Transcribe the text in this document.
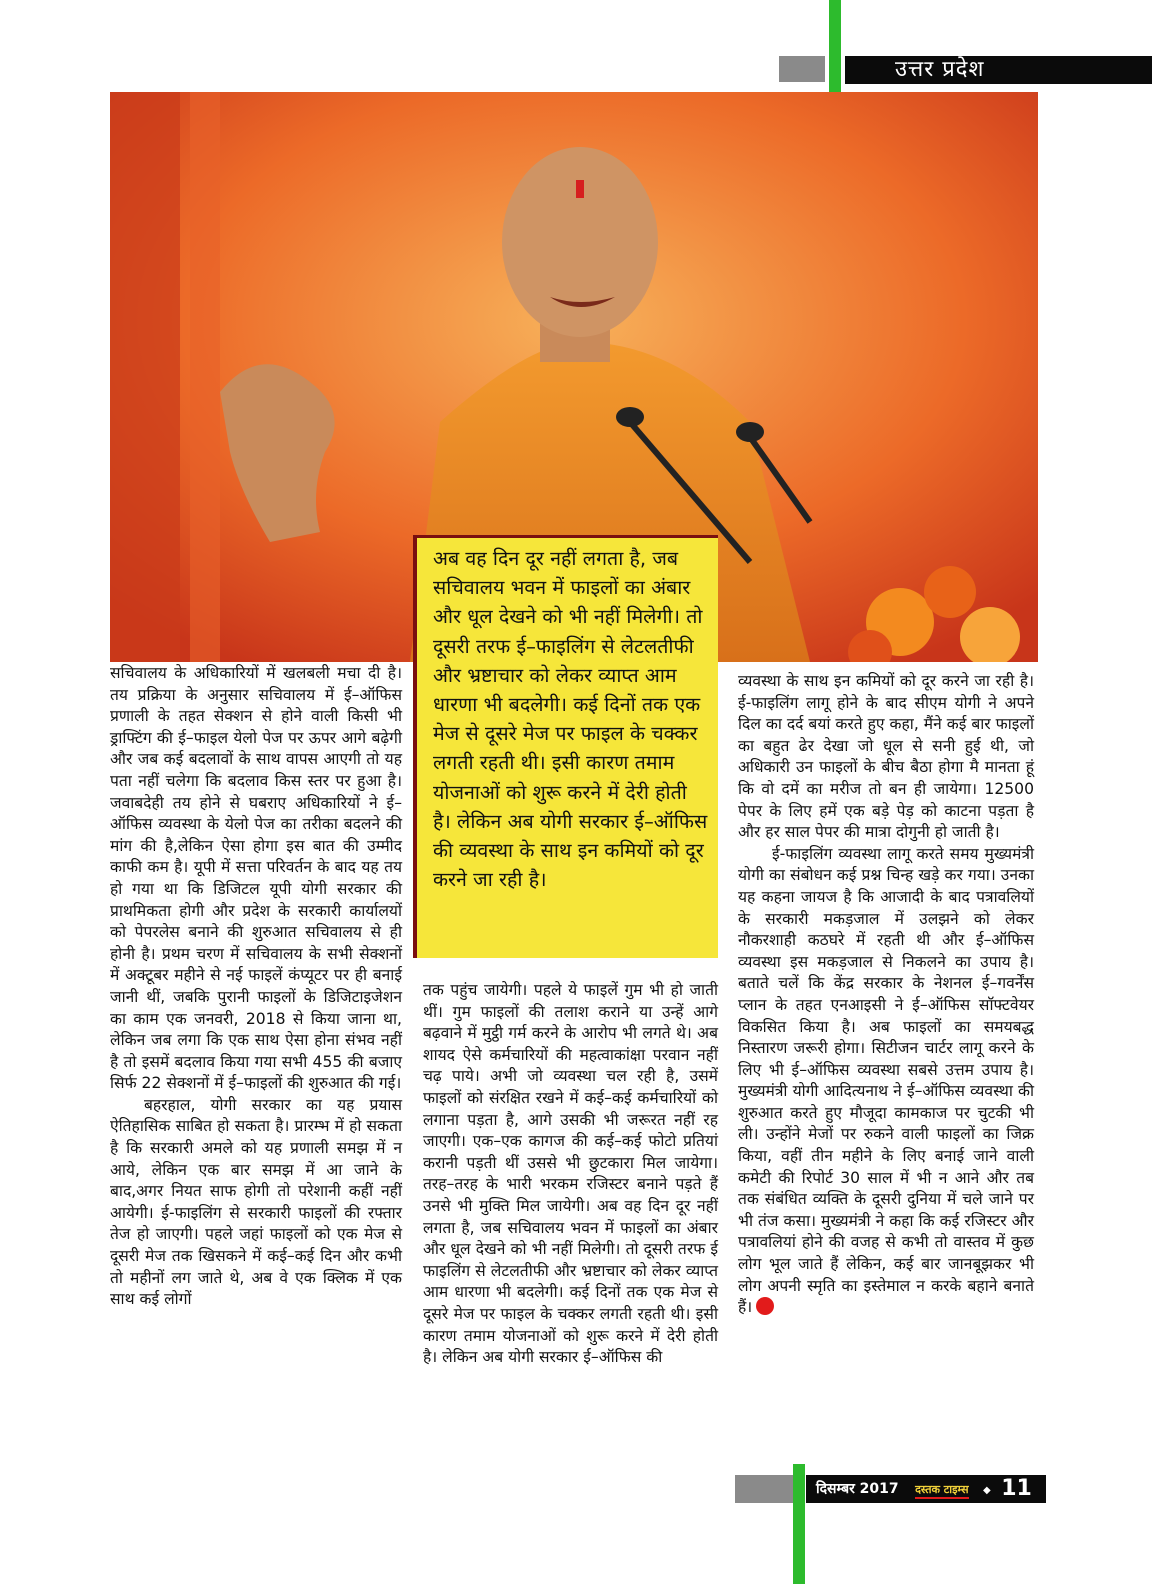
उत्तर प्रदेश

अब वह दिन दूर नहीं लगता है, जब सचिवालय भवन में फाइलों का अंबार और धूल देखने को भी नहीं मिलेगी। तो दूसरी तरफ ई–फाइलिंग से लेटलतीफी और भ्रष्टाचार को लेकर व्याप्त आम धारणा भी बदलेगी। कई दिनों तक एक मेज से दूसरे मेज पर फाइल के चक्कर लगती रहती थी। इसी कारण तमाम योजनाओं को शुरू करने में देरी होती है। लेकिन अब योगी सरकार ई–ऑफिस की व्यवस्था के साथ इन कमियों को दूर करने जा रही है।

सचिवालय के अधिकारियों में खलबली मचा दी है। तय प्रक्रिया के अनुसार सचिवालय में ई–ऑफिस प्रणाली के तहत सेक्शन से होने वाली किसी भी ड्राफ्टिंग की ई–फाइल येलो पेज पर ऊपर आगे बढ़ेगी और जब कई बदलावों के साथ वापस आएगी तो यह पता नहीं चलेगा कि बदलाव किस स्तर पर हुआ है। जवाबदेही तय होने से घबराए अधिकारियों ने ई–ऑफिस व्यवस्था के येलो पेज का तरीका बदलने की मांग की है,लेकिन ऐसा होगा इस बात की उम्मीद काफी कम है। यूपी में सत्ता परिवर्तन के बाद यह तय हो गया था कि डिजिटल यूपी योगी सरकार की प्राथमिकता होगी और प्रदेश के सरकारी कार्यालयों को पेपरलेस बनाने की शुरुआत सचिवालय से ही होनी है। प्रथम चरण में सचिवालय के सभी सेक्शनों में अक्टूबर महीने से नई फाइलें कंप्यूटर पर ही बनाई जानी थीं, जबकि पुरानी फाइलों के डिजिटाइजेशन का काम एक जनवरी, 2018 से किया जाना था, लेकिन जब लगा कि एक साथ ऐसा होना संभव नहीं है तो इसमें बदलाव किया गया सभी 455 की बजाए सिर्फ 22 सेक्शनों में ई–फाइलों की शुरुआत की गई।

बहरहाल, योगी सरकार का यह प्रयास ऐतिहासिक साबित हो सकता है। प्रारम्भ में हो सकता है कि सरकारी अमले को यह प्रणाली समझ में न आये, लेकिन एक बार समझ में आ जाने के बाद,अगर नियत साफ होगी तो परेशानी कहीं नहीं आयेगी। ई-फाइलिंग से सरकारी फाइलों की रफ्तार तेज हो जाएगी। पहले जहां फाइलों को एक मेज से दूसरी मेज तक खिसकने में कई–कई दिन और कभी तो महीनों लग जाते थे, अब वे एक क्लिक में एक साथ कई लोगों

तक पहुंच जायेगी। पहले ये फाइलें गुम भी हो जाती थीं। गुम फाइलों की तलाश कराने या उन्हें आगे बढ़वाने में मुट्ठी गर्म करने के आरोप भी लगते थे। अब शायद ऐसे कर्मचारियों की महत्वाकांक्षा परवान नहीं चढ़ पाये। अभी जो व्यवस्था चल रही है, उसमें फाइलों को संरक्षित रखने में कई–कई कर्मचारियों को लगाना पड़ता है, आगे उसकी भी जरूरत नहीं रह जाएगी। एक–एक कागज की कई–कई फोटो प्रतियां करानी पड़ती थीं उससे भी छुटकारा मिल जायेगा। तरह–तरह के भारी भरकम रजिस्टर बनाने पड़ते हैं उनसे भी मुक्ति मिल जायेगी। अब वह दिन दूर नहीं लगता है, जब सचिवालय भवन में फाइलों का अंबार और धूल देखने को भी नहीं मिलेगी। तो दूसरी तरफ ई फाइलिंग से लेटलतीफी और भ्रष्टाचार को लेकर व्याप्त आम धारणा भी बदलेगी। कई दिनों तक एक मेज से दूसरे मेज पर फाइल के चक्कर लगती रहती थी। इसी कारण तमाम योजनाओं को शुरू करने में देरी होती है। लेकिन अब योगी सरकार ई–ऑफिस की

व्यवस्था के साथ इन कमियों को दूर करने जा रही है। ई-फाइलिंग लागू होने के बाद सीएम योगी ने अपने दिल का दर्द बयां करते हुए कहा, मैंने कई बार फाइलों का बहुत ढेर देखा जो धूल से सनी हुई थी, जो अधिकारी उन फाइलों के बीच बैठा होगा मै मानता हूं कि वो दमें का मरीज तो बन ही जायेगा। 12500 पेपर के लिए हमें एक बड़े पेड़ को काटना पड़ता है और हर साल पेपर की मात्रा दोगुनी हो जाती है।

ई-फाइलिंग व्यवस्था लागू करते समय मुख्यमंत्री योगी का संबोधन कई प्रश्न चिन्ह खड़े कर गया। उनका यह कहना जायज है कि आजादी के बाद पत्रावलियों के सरकारी मकड़जाल में उलझने को लेकर नौकरशाही कठघरे में रहती थी और ई–ऑफिस व्यवस्था इस मकड़जाल से निकलने का उपाय है। बताते चलें कि केंद्र सरकार के नेशनल ई–गवर्नेंस प्लान के तहत एनआइसी ने ई–ऑफिस सॉफ्टवेयर विकसित किया है। अब फाइलों का समयबद्ध निस्तारण जरूरी होगा। सिटीजन चार्टर लागू करने के लिए भी ई–ऑफिस व्यवस्था सबसे उत्तम उपाय है। मुख्यमंत्री योगी आदित्यनाथ ने ई–ऑफिस व्यवस्था की शुरुआत करते हुए मौजूदा कामकाज पर चुटकी भी ली। उन्होंने मेजों पर रुकने वाली फाइलों का जिक्र किया, वहीं तीन महीने के लिए बनाई जाने वाली कमेटी की रिपोर्ट 30 साल में भी न आने और तब तक संबंधित व्यक्ति के दूसरी दुनिया में चले जाने पर भी तंज कसा। मुख्यमंत्री ने कहा कि कई रजिस्टर और पत्रावलियां होने की वजह से कभी तो वास्तव में कुछ लोग भूल जाते हैं लेकिन, कई बार जानबूझकर भी लोग अपनी स्मृति का इस्तेमाल न करके बहाने बनाते हैं।

दिसम्बर 2017 दस्तक टाइम्स ◆ 11
